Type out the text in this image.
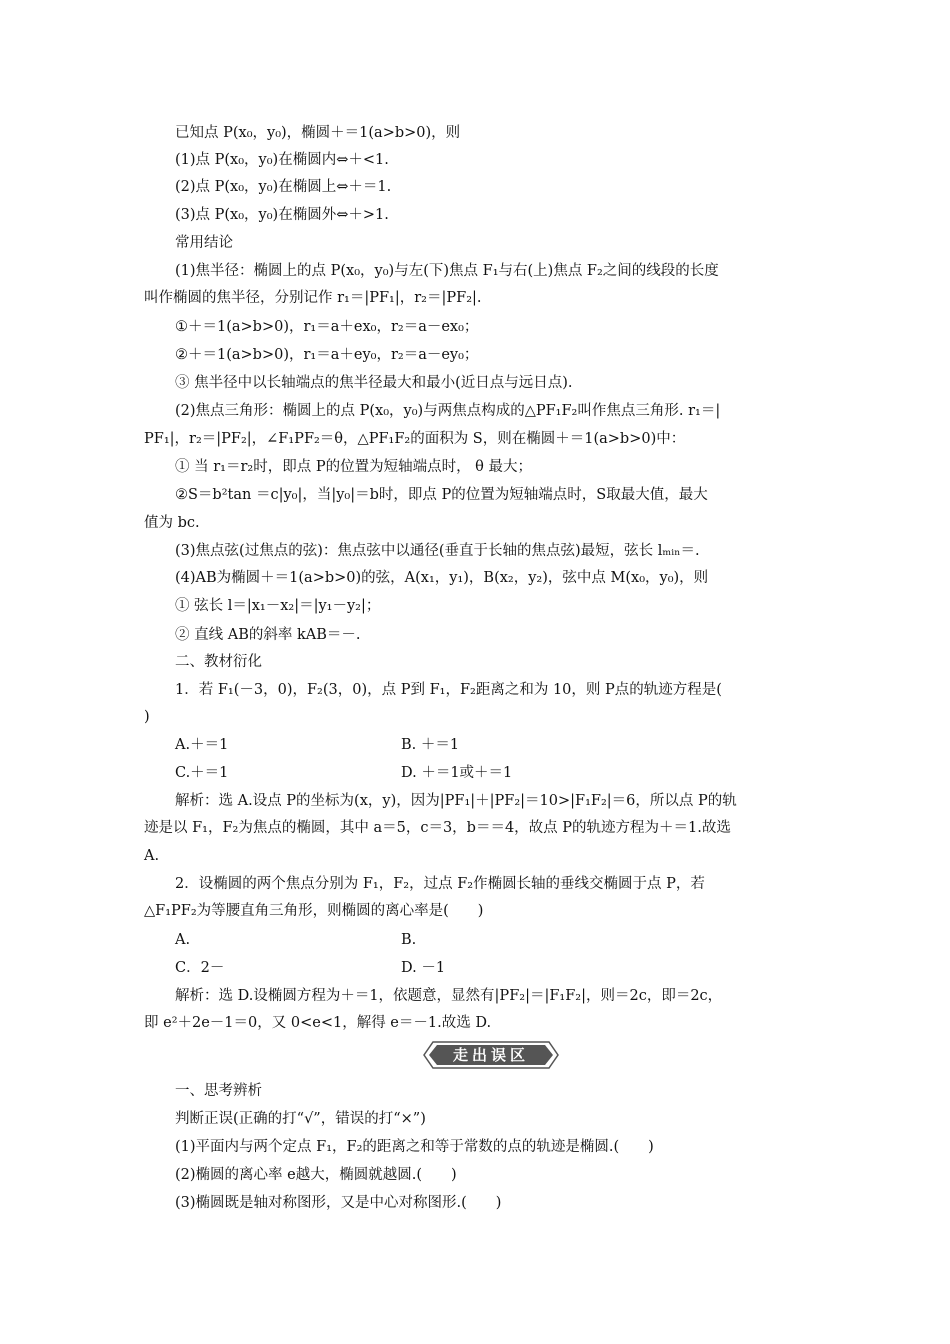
已知点 P(x₀，y₀)，椭圆＋＝1(a>b>0)，则
(1)点 P(x₀，y₀)在椭圆内⇔＋<1.
(2)点 P(x₀，y₀)在椭圆上⇔＋＝1.
(3)点 P(x₀，y₀)在椭圆外⇔＋>1.
常用结论
(1)焦半径：椭圆上的点 P(x₀，y₀)与左(下)焦点 F₁与右(上)焦点 F₂之间的线段的长度
叫作椭圆的焦半径，分别记作 r₁＝|PF₁|，r₂＝|PF₂|.
①＋＝1(a>b>0)，r₁＝a＋ex₀，r₂＝a－ex₀；
②＋＝1(a>b>0)，r₁＝a＋ey₀，r₂＝a－ey₀；
③ 焦半径中以长轴端点的焦半径最大和最小(近日点与远日点).
(2)焦点三角形：椭圆上的点 P(x₀，y₀)与两焦点构成的△PF₁F₂叫作焦点三角形. r₁＝|
PF₁|，r₂＝|PF₂|，∠F₁PF₂＝θ，△PF₁F₂的面积为 S，则在椭圆＋＝1(a>b>0)中：
① 当 r₁＝r₂时，即点 P的位置为短轴端点时， θ 最大；
②S＝b²tan ＝c|y₀|，当|y₀|＝b时，即点 P的位置为短轴端点时，S取最大值，最大
值为 bc.
(3)焦点弦(过焦点的弦)：焦点弦中以通径(垂直于长轴的焦点弦)最短，弦长 lₘᵢₙ＝.
(4)AB为椭圆＋＝1(a>b>0)的弦，A(x₁，y₁)，B(x₂，y₂)，弦中点 M(x₀，y₀)，则
① 弦长 l＝|x₁－x₂|＝|y₁－y₂|；
② 直线 AB的斜率 kAB＝－.
二、教材衍化
1．若 F₁(－3，0)，F₂(3，0)，点 P到 F₁，F₂距离之和为 10，则 P点的轨迹方程是(
)
A.＋＝1	B. ＋＝1
C.＋＝1	D. ＋＝1或＋＝1
解析：选 A.设点 P的坐标为(x，y)，因为|PF₁|＋|PF₂|＝10>|F₁F₂|＝6，所以点 P的轨
迹是以 F₁，F₂为焦点的椭圆，其中 a＝5，c＝3，b＝＝4，故点 P的轨迹方程为＋＝1.故选
A.
2．设椭圆的两个焦点分别为 F₁，F₂，过点 F₂作椭圆长轴的垂线交椭圆于点 P，若
△F₁PF₂为等腰直角三角形，则椭圆的离心率是(　　)
A.	B.
C．2－	D. －1
解析：选 D.设椭圆方程为＋＝1，依题意，显然有|PF₂|＝|F₁F₂|，则＝2c，即＝2c，
即 e²＋2e－1＝0，又 0<e<1，解得 e＝－1.故选 D.
走出误区
一、思考辨析
判断正误(正确的打“√”，错误的打“×”)
(1)平面内与两个定点 F₁，F₂的距离之和等于常数的点的轨迹是椭圆.(　　)
(2)椭圆的离心率 e越大，椭圆就越圆.(　　)
(3)椭圆既是轴对称图形，又是中心对称图形.(　　)
